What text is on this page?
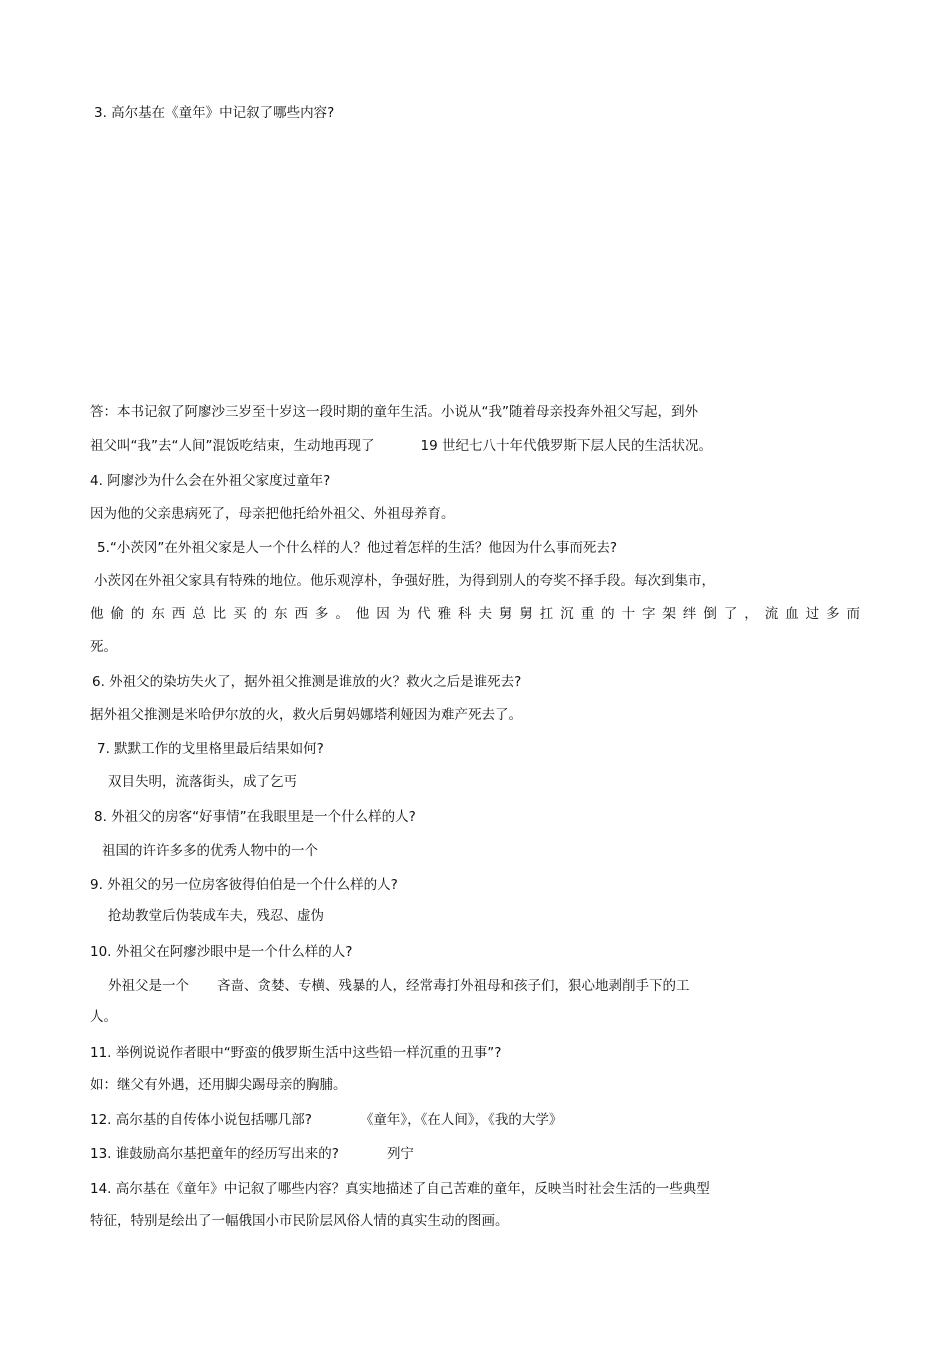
3. 高尔基在《童年》中记叙了哪些内容?
答：本书记叙了阿廖沙三岁至十岁这一段时期的童年生活。小说从“我”随着母亲投奔外祖父写起，到外
祖父叫“我”去“人间”混饭吃结束，生动地再现了	19 世纪七八十年代俄罗斯下层人民的生活状况。
4. 阿廖沙为什么会在外祖父家度过童年?
因为他的父亲患病死了，母亲把他托给外祖父、外祖母养育。
5.“小茨冈”在外祖父家是人一个什么样的人？他过着怎样的生活？他因为什么事而死去?
小茨冈在外祖父家具有特殊的地位。他乐观淳朴，争强好胜，为得到别人的夸奖不择手段。每次到集市，
他偷的东西总比买的东西多。他因为代雅科夫舅舅扛沉重的十字架绊倒了，流血过多而
死。
6. 外祖父的染坊失火了，据外祖父推测是谁放的火？救火之后是谁死去?
据外祖父推测是米哈伊尔放的火，救火后舅妈娜塔利娅因为难产死去了。
7. 默默工作的戈里格里最后结果如何?
双目失明，流落街头，成了乞丐
8. 外祖父的房客“好事情”在我眼里是一个什么样的人?
祖国的许许多多的优秀人物中的一个
9. 外祖父的另一位房客彼得伯伯是一个什么样的人?
抢劫教堂后伪装成车夫，残忍、虚伪
10. 外祖父在阿瘳沙眼中是一个什么样的人?
外祖父是一个 吝啬、贪婪、专横、残暴的人，经常毒打外祖母和孩子们，狠心地剥削手下的工
人。
11. 举例说说作者眼中“野蛮的俄罗斯生活中这些铅一样沉重的丑事”?
如：继父有外遇，还用脚尖踢母亲的胸脯。
12. 高尔基的自传体小说包括哪几部?	《童年》，《在人间》，《我的大学》
13. 谁鼓励高尔基把童年的经历写出来的?	列宁
14. 高尔基在《童年》中记叙了哪些内容？真实地描述了自己苦难的童年，反映当时社会生活的一些典型
特征，特别是绘出了一幅俄国小市民阶层风俗人情的真实生动的图画。
